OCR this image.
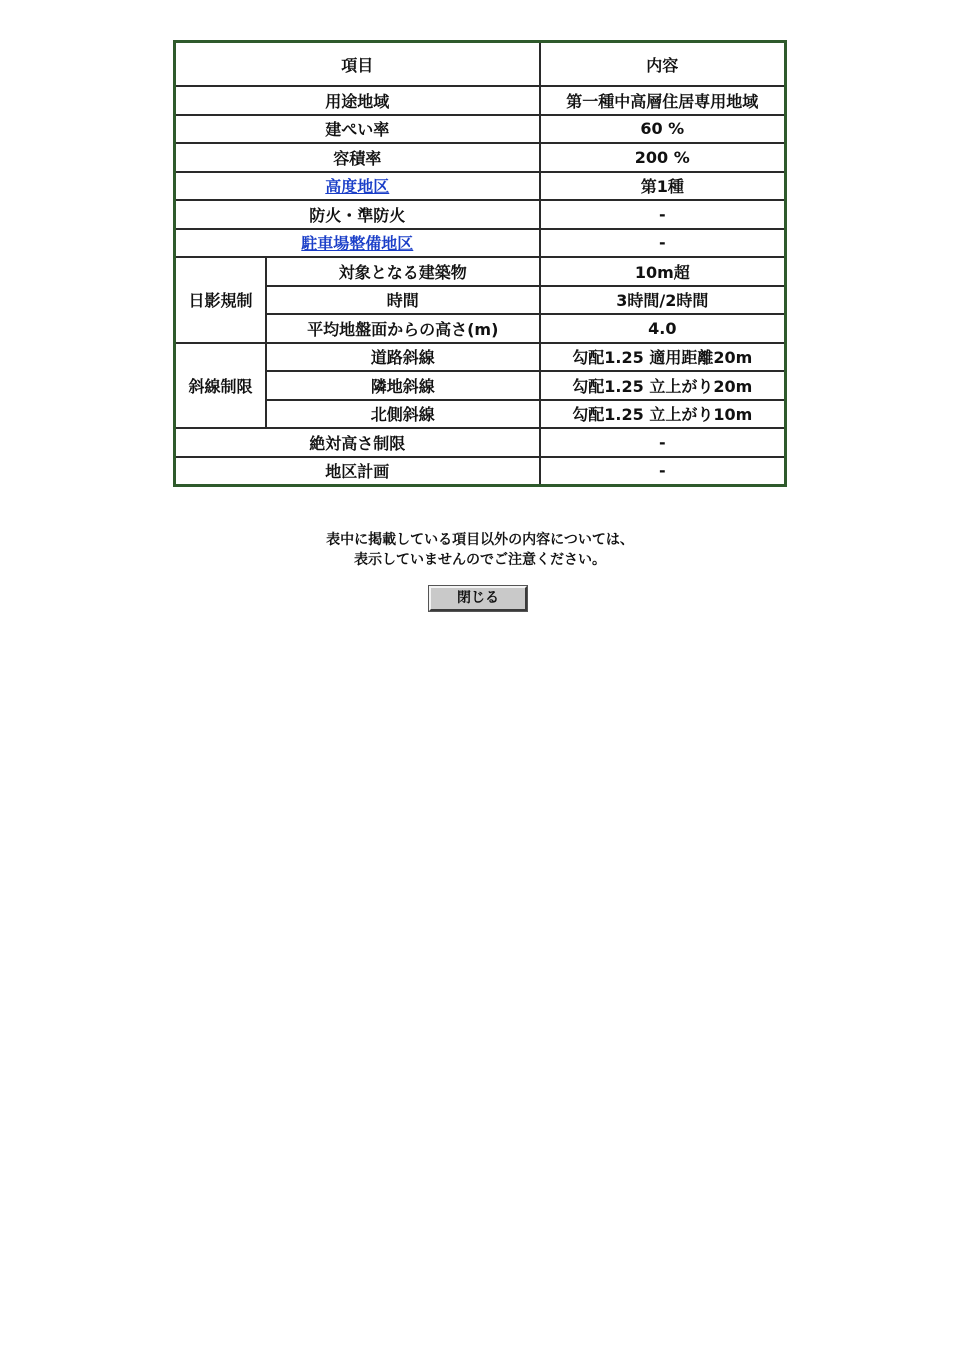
項目		内容
用途地域		第一種中高層住居専用地域
建ぺい率		60 %
容積率		200 %
高度地区		第1種
防火・準防火		-
駐車場整備地区		-
日影規制	対象となる建築物	10m超
	時間	3時間/2時間
	平均地盤面からの高さ(m)	4.0
斜線制限	道路斜線	勾配1.25 適用距離20m
	隣地斜線	勾配1.25 立上がり20m
	北側斜線	勾配1.25 立上がり10m
絶対高さ制限		-
地区計画		-
表中に掲載している項目以外の内容については、
表示していませんのでご注意ください。
閉じる
